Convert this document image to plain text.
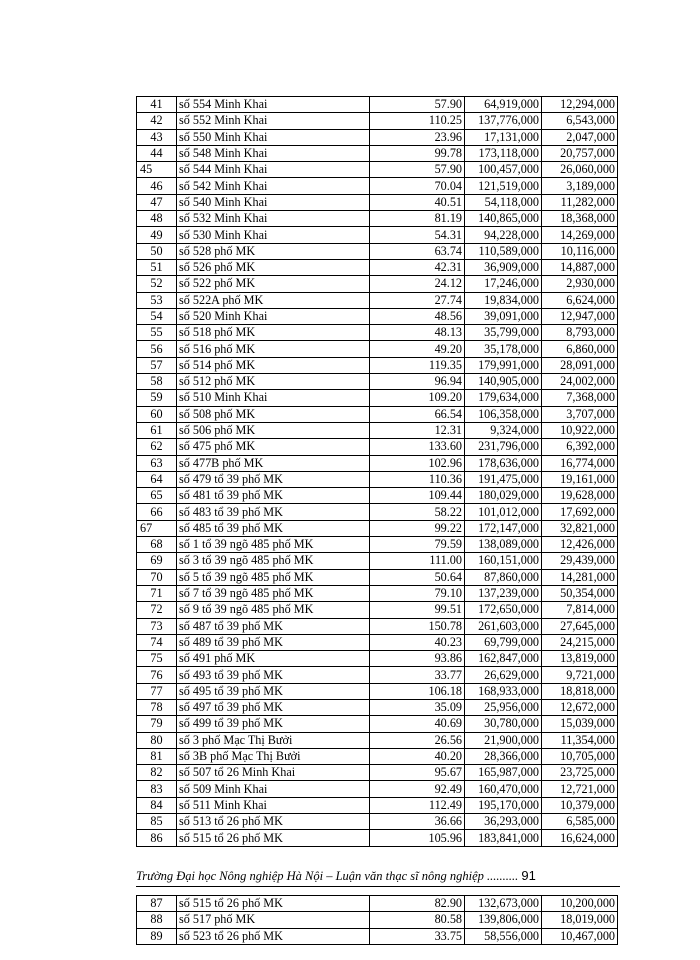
41	số 554 Minh Khai	57.90	64,919,000	12,294,000
42	số 552 Minh Khai	110.25	137,776,000	6,543,000
43	số 550 Minh Khai	23.96	17,131,000	2,047,000
44	số 548 Minh Khai	99.78	173,118,000	20,757,000
45	số 544 Minh Khai	57.90	100,457,000	26,060,000
46	số 542 Minh Khai	70.04	121,519,000	3,189,000
47	số 540 Minh Khai	40.51	54,118,000	11,282,000
48	số 532 Minh Khai	81.19	140,865,000	18,368,000
49	số 530 Minh Khai	54.31	94,228,000	14,269,000
50	số 528 phố MK	63.74	110,589,000	10,116,000
51	số 526 phố MK	42.31	36,909,000	14,887,000
52	số 522 phố MK	24.12	17,246,000	2,930,000
53	số 522A phố MK	27.74	19,834,000	6,624,000
54	số 520 Minh Khai	48.56	39,091,000	12,947,000
55	số 518 phố MK	48.13	35,799,000	8,793,000
56	số 516 phố MK	49.20	35,178,000	6,860,000
57	số 514 phố MK	119.35	179,991,000	28,091,000
58	số 512 phố MK	96.94	140,905,000	24,002,000
59	số 510 Minh Khai	109.20	179,634,000	7,368,000
60	số 508 phố MK	66.54	106,358,000	3,707,000
61	số 506 phố MK	12.31	9,324,000	10,922,000
62	số 475 phố MK	133.60	231,796,000	6,392,000
63	số 477B phố MK	102.96	178,636,000	16,774,000
64	số 479 tổ 39 phố MK	110.36	191,475,000	19,161,000
65	số 481 tổ 39 phố MK	109.44	180,029,000	19,628,000
66	số 483 tổ 39 phố MK	58.22	101,012,000	17,692,000
67	số 485 tổ 39 phố MK	99.22	172,147,000	32,821,000
68	số 1 tổ 39 ngõ 485 phố MK	79.59	138,089,000	12,426,000
69	số 3 tổ 39 ngõ 485 phố MK	111.00	160,151,000	29,439,000
70	số 5 tổ 39 ngõ 485 phố MK	50.64	87,860,000	14,281,000
71	số 7 tổ 39 ngõ 485 phố MK	79.10	137,239,000	50,354,000
72	số 9 tổ 39 ngõ 485 phố MK	99.51	172,650,000	7,814,000
73	số 487 tổ 39 phố MK	150.78	261,603,000	27,645,000
74	số 489 tổ 39 phố MK	40.23	69,799,000	24,215,000
75	số 491 phố MK	93.86	162,847,000	13,819,000
76	số 493 tổ 39 phố MK	33.77	26,629,000	9,721,000
77	số 495 tổ 39 phố MK	106.18	168,933,000	18,818,000
78	số 497 tổ 39 phố MK	35.09	25,956,000	12,672,000
79	số 499 tổ 39 phố MK	40.69	30,780,000	15,039,000
80	số 3 phố Mạc Thị Bưởi	26.56	21,900,000	11,354,000
81	số 3B phố Mạc Thị Bưởi	40.20	28,366,000	10,705,000
82	số 507 tổ 26 Minh Khai	95.67	165,987,000	23,725,000
83	số 509 Minh Khai	92.49	160,470,000	12,721,000
84	số 511 Minh Khai	112.49	195,170,000	10,379,000
85	số 513 tổ 26 phố MK	36.66	36,293,000	6,585,000
86	số 515 tổ 26 phố MK	105.96	183,841,000	16,624,000
Trường Đại học Nông nghiệp Hà Nội – Luận văn thạc sĩ nông nghiệp .......... 91
87	số 515 tổ 26 phố MK	82.90	132,673,000	10,200,000
88	số 517 phố MK	80.58	139,806,000	18,019,000
89	số 523 tổ 26 phố MK	33.75	58,556,000	10,467,000
